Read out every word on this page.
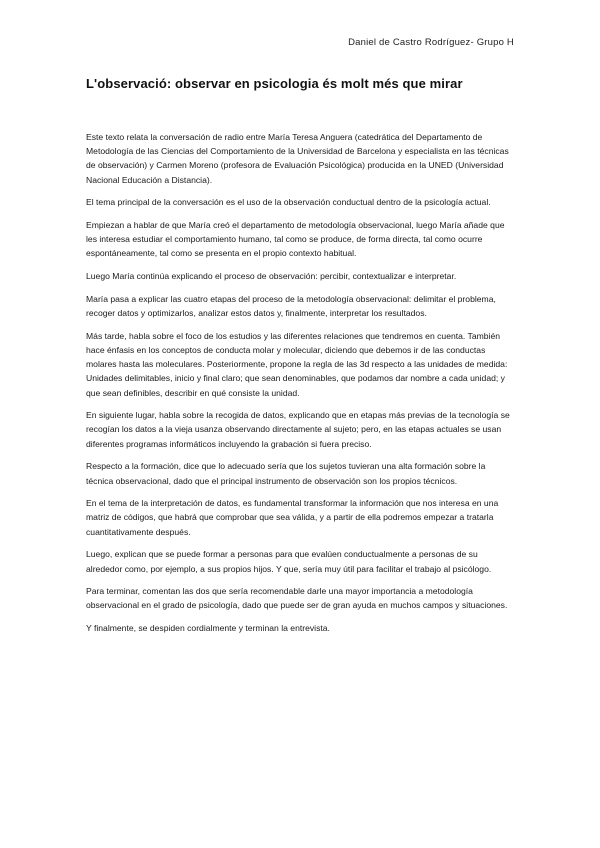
Daniel de Castro Rodríguez- Grupo H
L'observació: observar en psicologia és molt més que mirar

Este texto relata la conversación de radio entre María Teresa Anguera (catedrática del Departamento de Metodología de las Ciencias del Comportamiento de la Universidad de Barcelona y especialista en las técnicas de observación) y Carmen Moreno (profesora de Evaluación Psicológica) producida en la UNED (Universidad Nacional Educación a Distancia).

El tema principal de la conversación es el uso de la observación conductual dentro de la psicología actual.

Empiezan a hablar de que María creó el departamento de metodología observacional, luego María añade que les interesa estudiar el comportamiento humano, tal como se produce, de forma directa, tal como ocurre espontáneamente, tal como se presenta en el propio contexto habitual.

Luego María continúa explicando el proceso de observación: percibir, contextualizar e interpretar.

María pasa a explicar las cuatro etapas del proceso de la metodología observacional: delimitar el problema, recoger datos y optimizarlos, analizar estos datos y, finalmente, interpretar los resultados.

Más tarde, habla sobre el foco de los estudios y las diferentes relaciones que tendremos en cuenta. También hace énfasis en los conceptos de conducta molar y molecular, diciendo que debemos ir de las conductas molares hasta las moleculares. Posteriormente, propone la regla de las 3d respecto a las unidades de medida: Unidades delimitables, inicio y final claro; que sean denominables, que podamos dar nombre a cada unidad; y que sean definibles, describir en qué consiste la unidad.

En siguiente lugar, habla sobre la recogida de datos, explicando que en etapas más previas de la tecnología se recogían los datos a la vieja usanza observando directamente al sujeto; pero, en las etapas actuales se usan diferentes programas informáticos incluyendo la grabación si fuera preciso.

Respecto a la formación, dice que lo adecuado sería que los sujetos tuvieran una alta formación sobre la técnica observacional, dado que el principal instrumento de observación son los propios técnicos.

En el tema de la interpretación de datos, es fundamental transformar la información que nos interesa en una matriz de códigos, que habrá que comprobar que sea válida, y a partir de ella podremos empezar a tratarla cuantitativamente después.

Luego, explican que se puede formar a personas para que evalúen conductualmente a personas de su alrededor como, por ejemplo, a sus propios hijos. Y que, sería muy útil para facilitar el trabajo al psicólogo.

Para terminar, comentan las dos que sería recomendable darle una mayor importancia a metodología observacional en el grado de psicología, dado que puede ser de gran ayuda en muchos campos y situaciones.

Y finalmente, se despiden cordialmente y terminan la entrevista.
